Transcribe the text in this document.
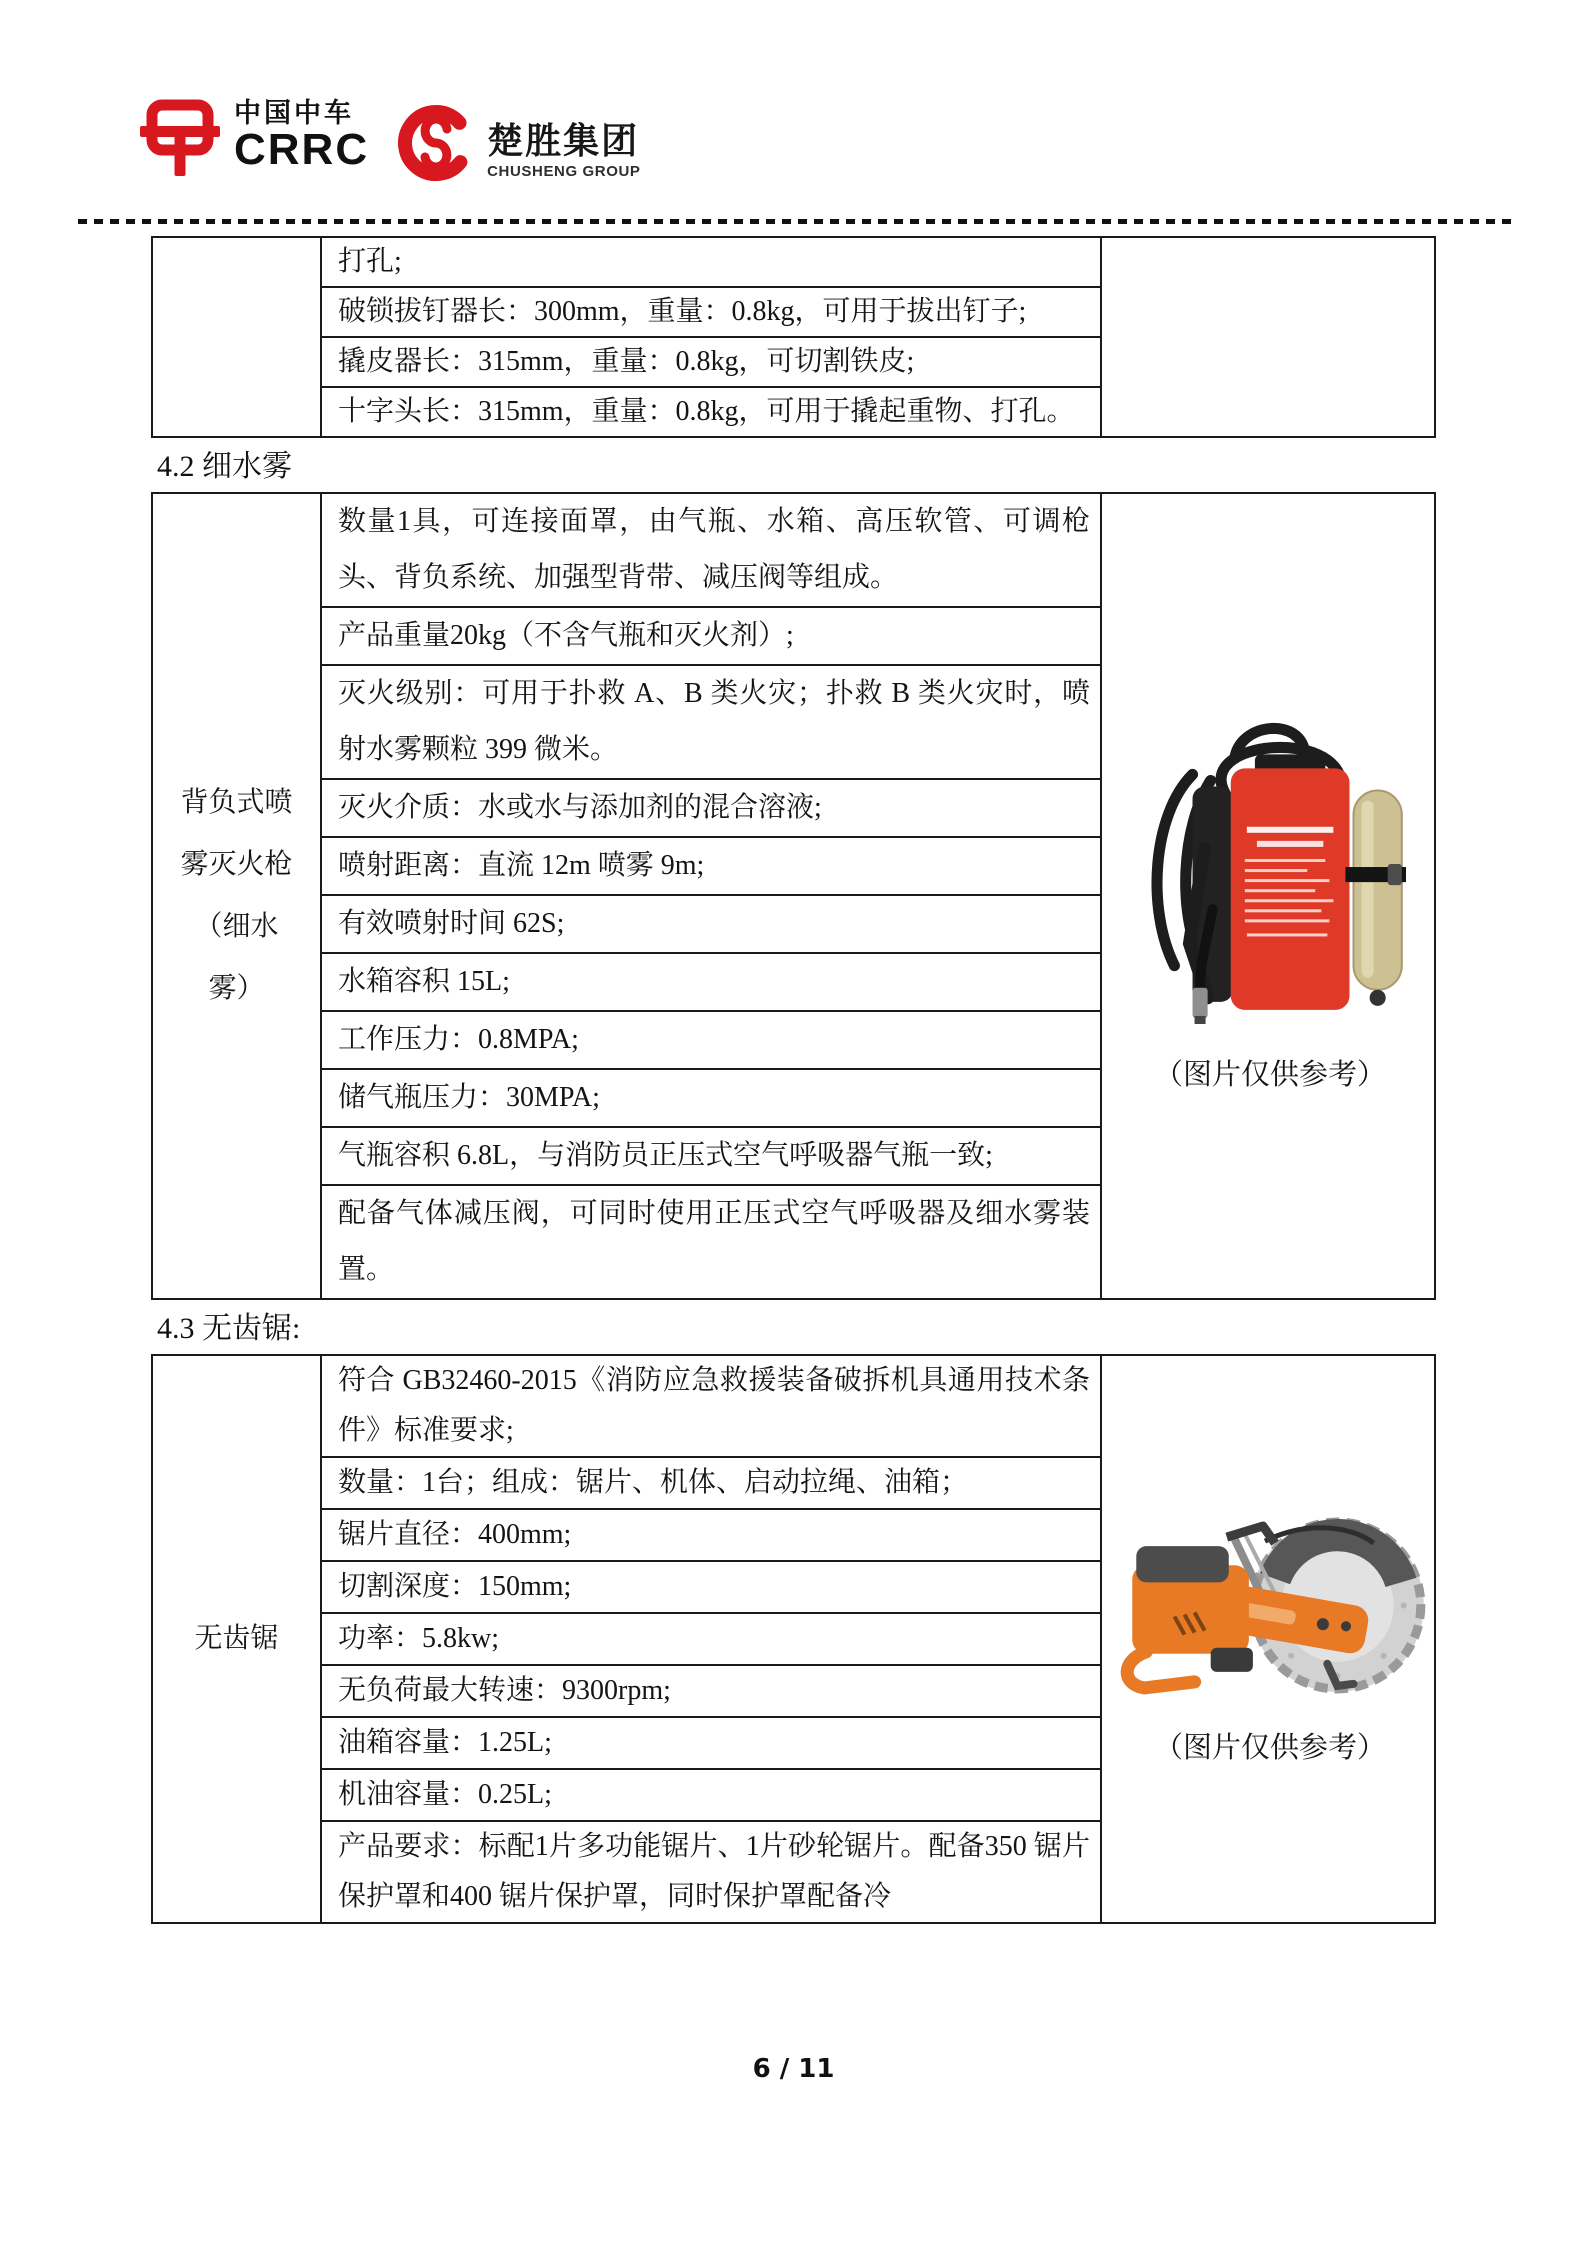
中国中车
CRRC	楚胜集团
CHUSHENG GROUP
打孔;
破锁拔钉器长：300mm，重量：0.8kg，可用于拔出钉子;
撬皮器长：315mm，重量：0.8kg，可切割铁皮;
十字头长：315mm，重量：0.8kg，可用于撬起重物、打孔。
4.2 细水雾
背负式喷
雾灭火枪
（细水
雾）
数量1具，可连接面罩，由气瓶、水箱、高压软管、可调枪头、背负系统、加强型背带、减压阀等组成。
产品重量20kg（不含气瓶和灭火剂）;
灭火级别：可用于扑救 A、B 类火灾；扑救 B 类火灾时，喷射水雾颗粒 399 微米。
灭火介质：水或水与添加剂的混合溶液;
喷射距离：直流 12m 喷雾 9m;
有效喷射时间 62S;
水箱容积 15L;
工作压力：0.8MPA;
储气瓶压力：30MPA;
气瓶容积 6.8L，与消防员正压式空气呼吸器气瓶一致;
配备气体减压阀，可同时使用正压式空气呼吸器及细水雾装置。
（图片仅供参考）
4.3 无齿锯:
无齿锯
符合 GB32460-2015《消防应急救援装备破拆机具通用技术条件》标准要求;
数量：1台；组成：锯片、机体、启动拉绳、油箱；
锯片直径：400mm;
切割深度：150mm;
功率：5.8kw;
无负荷最大转速：9300rpm;
油箱容量：1.25L;
机油容量：0.25L;
产品要求：标配1片多功能锯片、1片砂轮锯片。配备350 锯片保护罩和400 锯片保护罩，同时保护罩配备冷
（图片仅供参考）
6 / 11
